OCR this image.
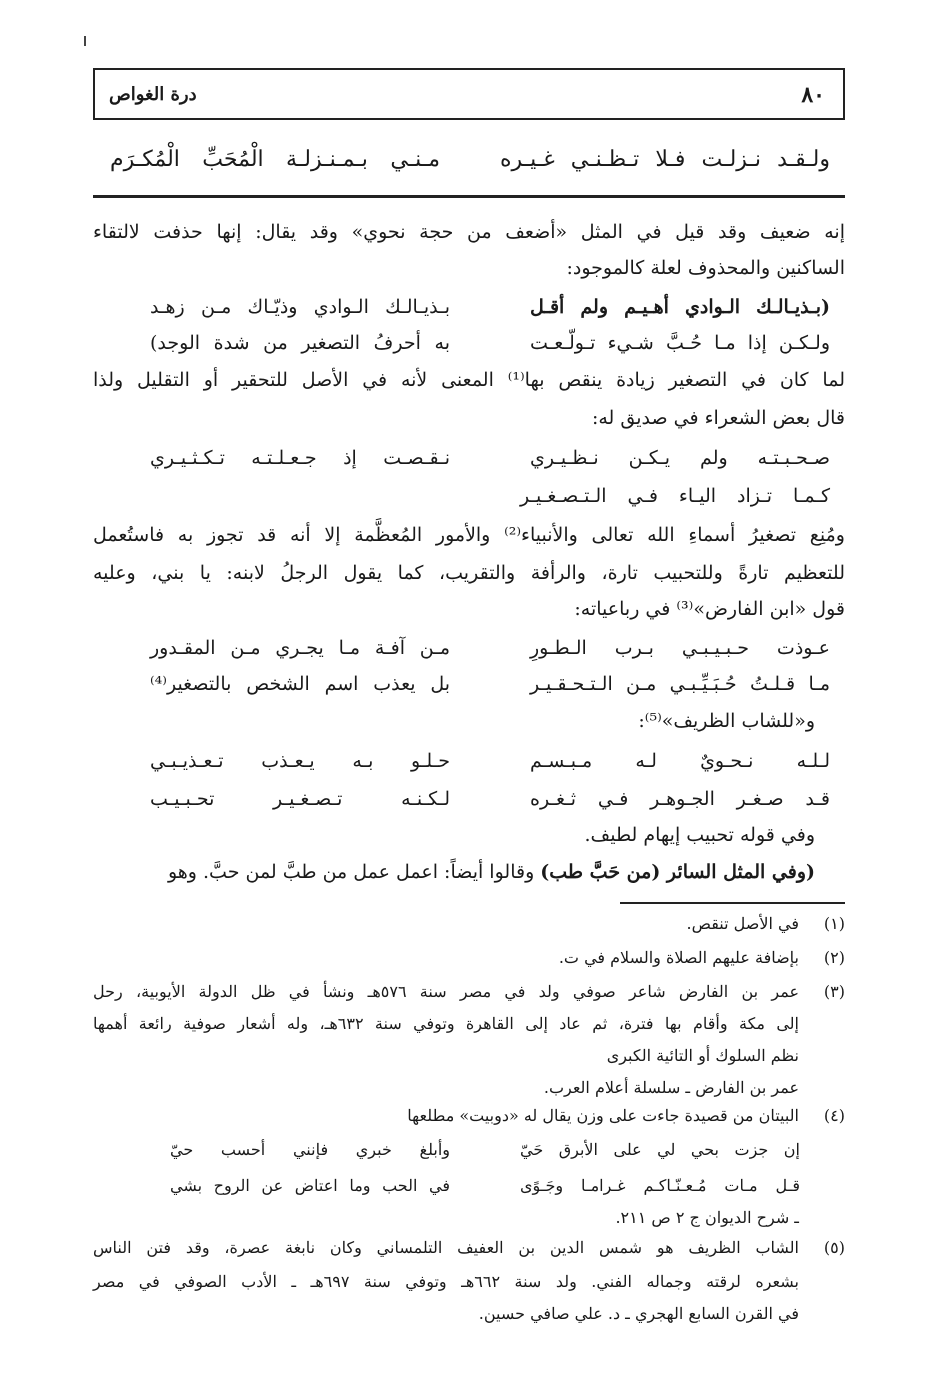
٨٠
درة الغواص
ولـقـد نـزلـت فـلا تـظـنـي غـيـره
مـنـي بـمـنـزلـة الْمُحَبِّ الْمُكـرَم
إنه ضعيف وقد قيل في المثل «أضعف من حجة نحوي» وقد يقال: إنها حذفت لالتقاء
الساكنين والمحذوف لعلة كالموجود:
(بـذيـالـك الـوادي أهـيـم ولم أقـل
بـذيـالـك الـوادي وذيّـاك مـن زهـد
ولـكـن إذا مـا حُـبَّ شـيء تـولّـعـت
به أحرفُ التصغير من شدة الوجد)
لما كان في التصغير زيادة ينقص بها⁽¹⁾ المعنى لأنه في الأصل للتحقير أو التقليل ولذا
قال بعض الشعراء في صديق له:
صـحـبـتـه ولم يـكـن نـظـيـري
نـقـصـت إذ جـعـلـتـه تـكـثـيـري
كـمـا تـزاد اليـاء فـي الـتـصـغـيـر
ومُنِع تصغيرُ أسماءِ الله تعالى والأنبياء⁽²⁾ والأمور المُعظَّمة إلا أنه قد تجوز به فاستُعمل
للتعظيم تارةً وللتحبيب تارة، والرأفة والتقريب، كما يقول الرجلُ لابنه: يا بني، وعليه
قول «ابن الفارض»⁽³⁾ في رباعياته:
عـوذت حـبـيـبـي بـرب الـطـورِ
مـن آفـة مـا يجـري مـن المقـدور
مـا قـلـتُ حُـبَـيِّـبـي مـن الـتـحـقـيـر
بل يعذب اسم الشخص بالتصغير⁽⁴⁾
و«للشاب الظريف»⁽⁵⁾:
لـلـه نـحـويٌ لـه مـبـسـم
حـلـو بـه يـعـذب تـعـذيـبـي
قـد صـغـر الجـوهـر فـي ثـغـره
لـكـنـه تـصـغـيـر تحـبـيـب
وفي قوله تحبيب إيهام لطيف.
(وفي المثل السائر (من حَبَّ طب) وقالوا أيضاً: اعمل عمل من طبَّ لمن حبَّ. وهو
(١)
في الأصل تنقص.
(٢)
بإضافة عليهم الصلاة والسلام في ت.
(٣)
عمر بن الفارض شاعر صوفي ولد في مصر سنة ٥٧٦هـ ونشأ في ظل الدولة الأيوبية، رحل
إلى مكة وأقام بها فترة، ثم عاد إلى القاهرة وتوفي سنة ٦٣٢هـ، وله أشعار صوفية رائعة أهمها
نظم السلوك أو التائية الكبرى
عمر بن الفارض ـ سلسلة أعلام العرب.
(٤)
البيتان من قصيدة جاءت على وزن يقال له «دوبيت» مطلعها
إن جزت بحي لي على الأبرق حَيّ
وأبلغ خبري فإنني أحسب حيّ
قـل مـات مُـعـنّـاكـم غـرامـا وجَـوًى
في الحب وما اعتاض عن الروح بشي
ـ شرح الديوان ج ٢ ص ٢١١.
(٥)
الشاب الظريف هو شمس الدين بن العفيف التلمساني وكان نابغة عصرة، وقد فتن الناس
بشعره لرقته وجماله الفني. ولد سنة ٦٦٢هـ وتوفي سنة ٦٩٧هـ ـ الأدب الصوفي في مصر
في القرن السابع الهجري ـ د. علي صافي حسين.
